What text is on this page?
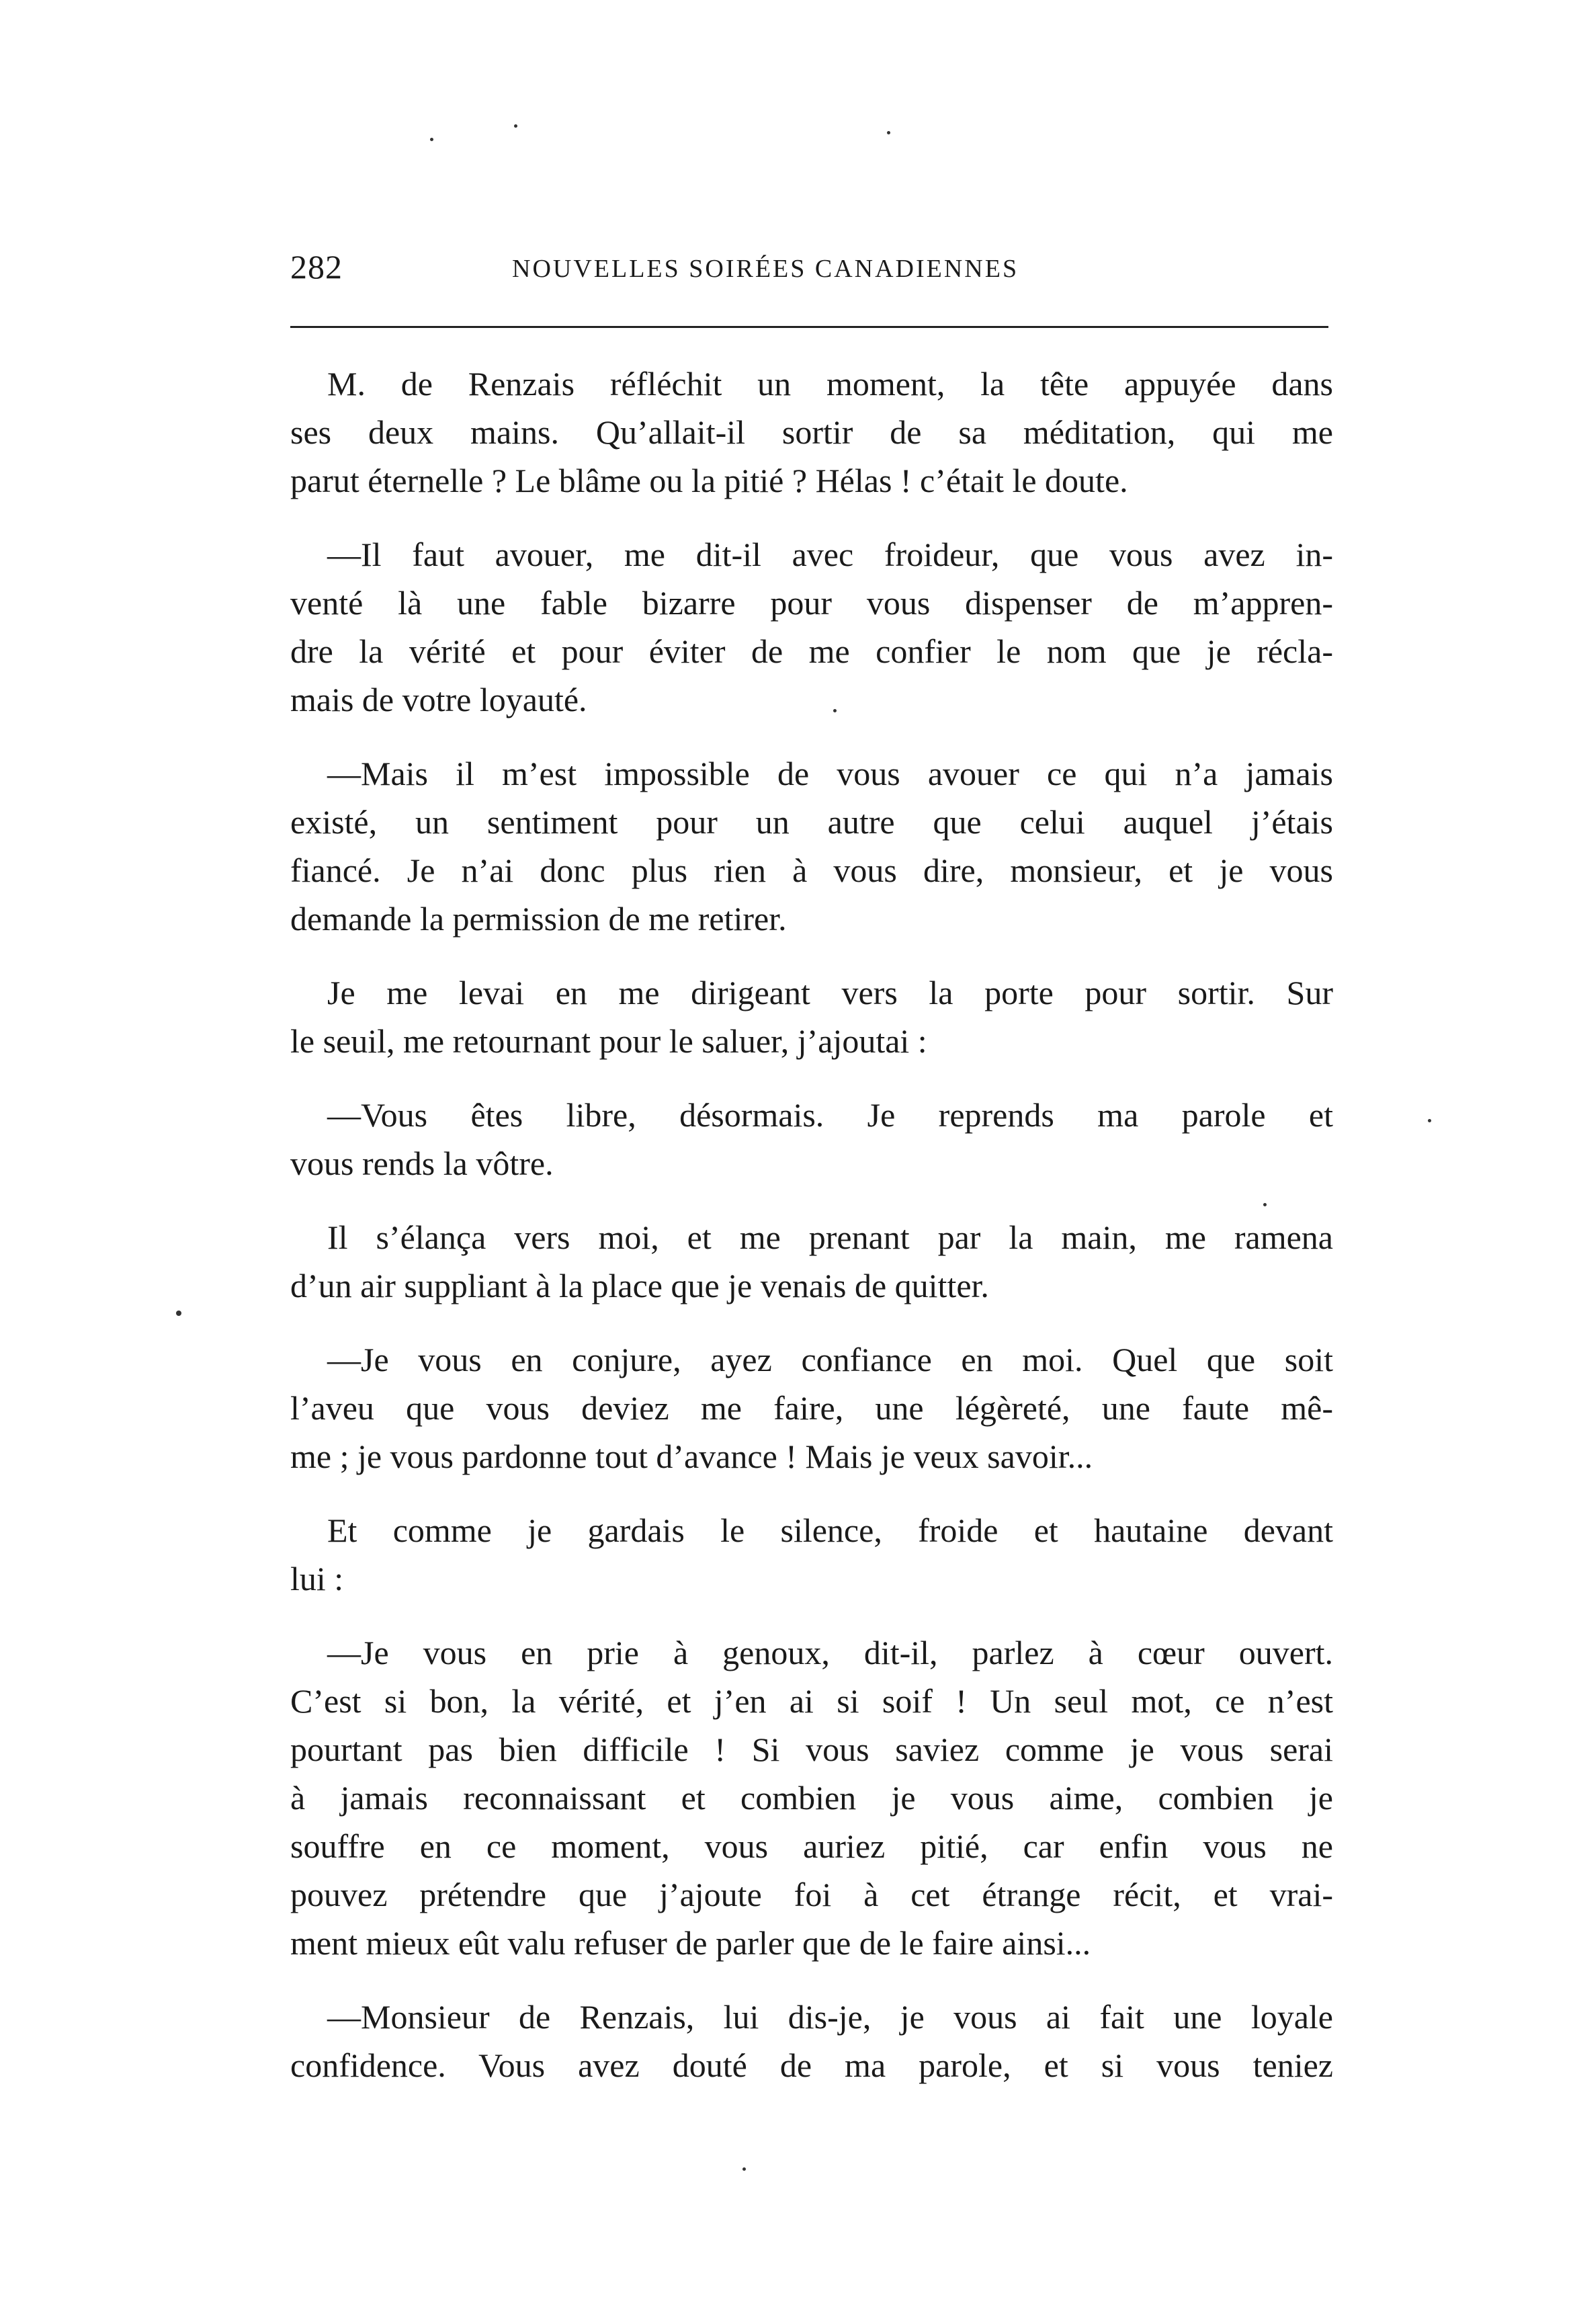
282	NOUVELLES SOIRÉES CANADIENNES

M. de Renzais réfléchit un moment, la tête appuyée dans
ses deux mains. Qu’allait-il sortir de sa méditation, qui me
parut éternelle ? Le blâme ou la pitié ? Hélas ! c’était le doute.

—Il faut avouer, me dit-il avec froideur, que vous avez in-
venté là une fable bizarre pour vous dispenser de m’appren-
dre la vérité et pour éviter de me confier le nom que je récla-
mais de votre loyauté.

—Mais il m’est impossible de vous avouer ce qui n’a jamais
existé, un sentiment pour un autre que celui auquel j’étais
fiancé. Je n’ai donc plus rien à vous dire, monsieur, et je vous
demande la permission de me retirer.

Je me levai en me dirigeant vers la porte pour sortir. Sur
le seuil, me retournant pour le saluer, j’ajoutai :

—Vous êtes libre, désormais. Je reprends ma parole et
vous rends la vôtre.

Il s’élança vers moi, et me prenant par la main, me ramena
d’un air suppliant à la place que je venais de quitter.

—Je vous en conjure, ayez confiance en moi. Quel que soit
l’aveu que vous deviez me faire, une légèreté, une faute mê-
me ; je vous pardonne tout d’avance ! Mais je veux savoir...

Et comme je gardais le silence, froide et hautaine devant
lui :

—Je vous en prie à genoux, dit-il, parlez à cœur ouvert.
C’est si bon, la vérité, et j’en ai si soif ! Un seul mot, ce n’est
pourtant pas bien difficile ! Si vous saviez comme je vous serai
à jamais reconnaissant et combien je vous aime, combien je
souffre en ce moment, vous auriez pitié, car enfin vous ne
pouvez prétendre que j’ajoute foi à cet étrange récit, et vrai-
ment mieux eût valu refuser de parler que de le faire ainsi...

—Monsieur de Renzais, lui dis-je, je vous ai fait une loyale
confidence. Vous avez douté de ma parole, et si vous teniez
